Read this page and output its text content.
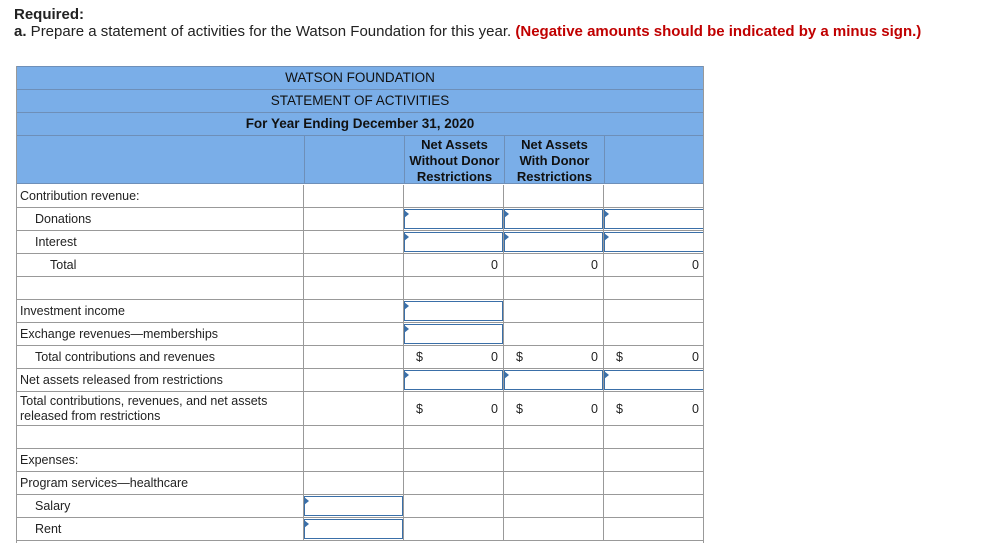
Required:
a. Prepare a statement of activities for the Watson Foundation for this year. (Negative amounts should be indicated by a minus sign.)
WATSON FOUNDATION
STATEMENT OF ACTIVITIES
For Year Ending December 31, 2020
Net Assets Without Donor Restrictions
Net Assets With Donor Restrictions
Contribution revenue:
Donations
Interest
Total	0	0	0
Investment income
Exchange revenues—memberships
Total contributions and revenues	$	0 $	0 $	0
Net assets released from restrictions
Total contributions, revenues, and net assets released from restrictions	$	0 $	0 $	0
Expenses:
Program services—healthcare
Salary
Rent
